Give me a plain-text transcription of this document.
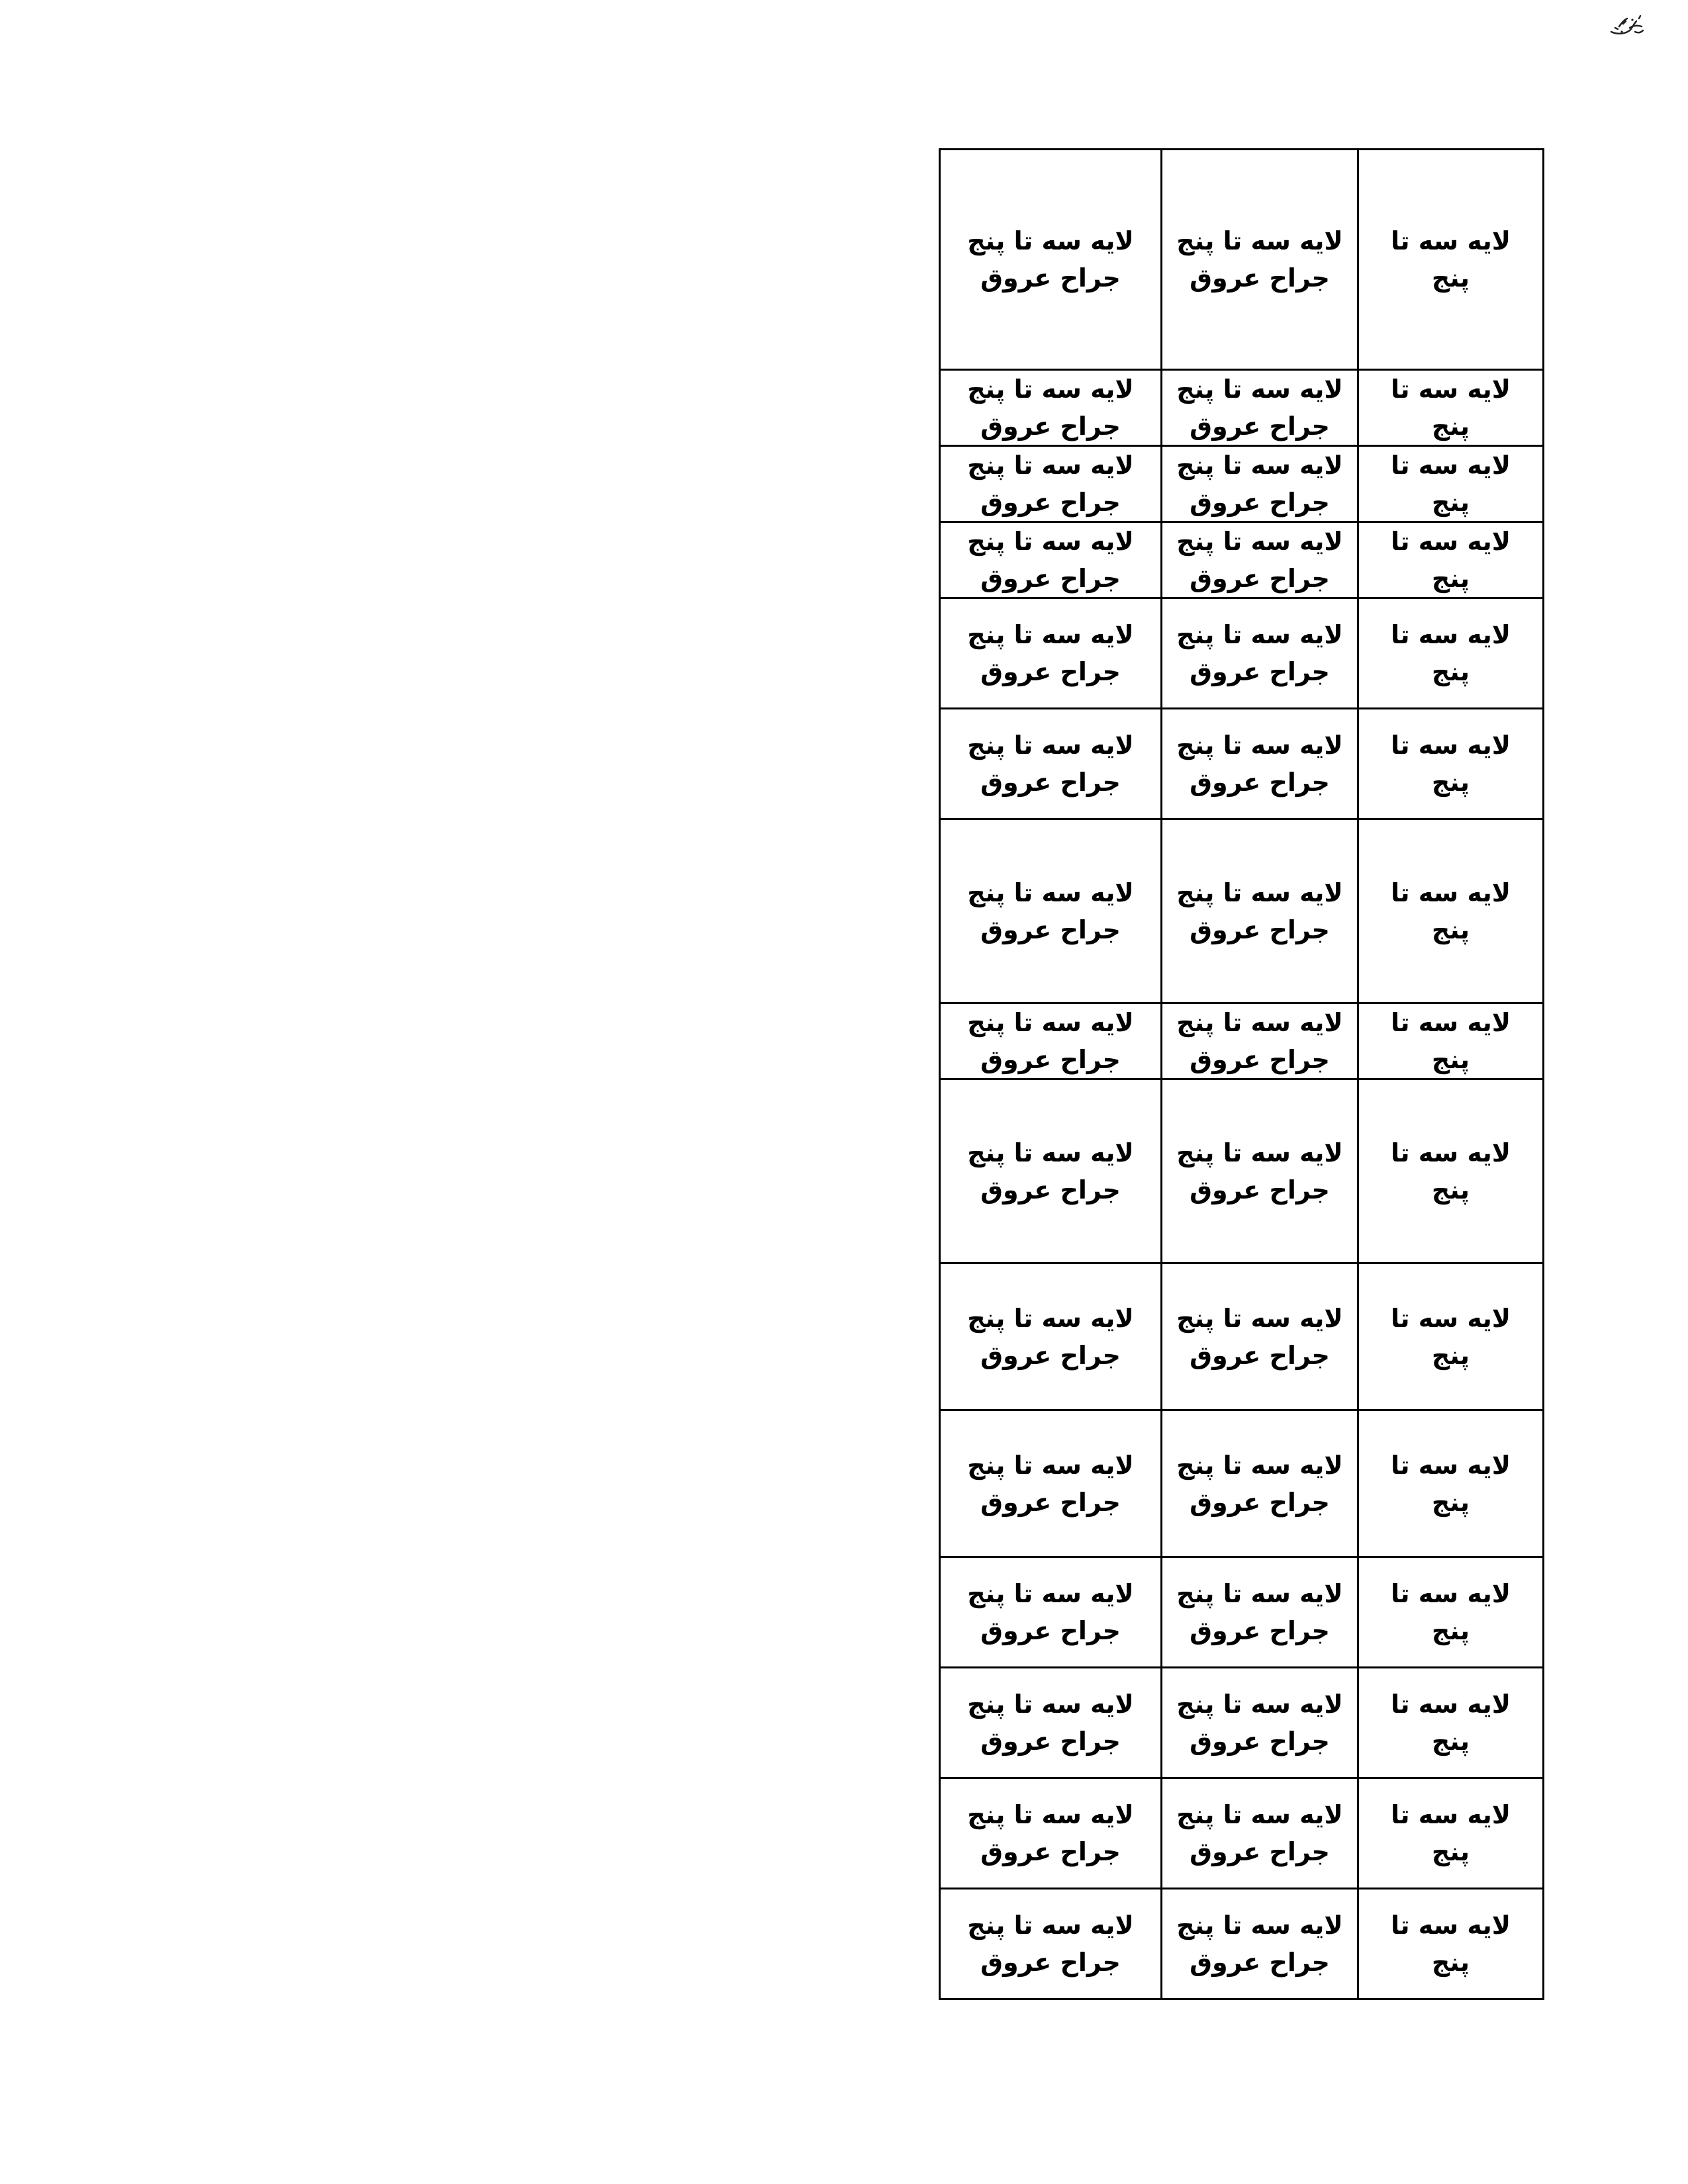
لایه سه تا پنج جراح عروق	لایه سه تا پنج جراح عروق	لایه سه تا پنج
لایه سه تا پنج جراح عروق	لایه سه تا پنج جراح عروق	لایه سه تا پنج
لایه سه تا پنج جراح عروق	لایه سه تا پنج جراح عروق	لایه سه تا پنج
لایه سه تا پنج جراح عروق	لایه سه تا پنج جراح عروق	لایه سه تا پنج
لایه سه تا پنج جراح عروق	لایه سه تا پنج جراح عروق	لایه سه تا پنج
لایه سه تا پنج جراح عروق	لایه سه تا پنج جراح عروق	لایه سه تا پنج
لایه سه تا پنج جراح عروق	لایه سه تا پنج جراح عروق	لایه سه تا پنج
لایه سه تا پنج جراح عروق	لایه سه تا پنج جراح عروق	لایه سه تا پنج
لایه سه تا پنج جراح عروق	لایه سه تا پنج جراح عروق	لایه سه تا پنج
لایه سه تا پنج جراح عروق	لایه سه تا پنج جراح عروق	لایه سه تا پنج
لایه سه تا پنج جراح عروق	لایه سه تا پنج جراح عروق	لایه سه تا پنج
لایه سه تا پنج جراح عروق	لایه سه تا پنج جراح عروق	لایه سه تا پنج
لایه سه تا پنج جراح عروق	لایه سه تا پنج جراح عروق	لایه سه تا پنج
لایه سه تا پنج جراح عروق	لایه سه تا پنج جراح عروق	لایه سه تا پنج
لایه سه تا پنج جراح عروق	لایه سه تا پنج جراح عروق	لایه سه تا پنج
